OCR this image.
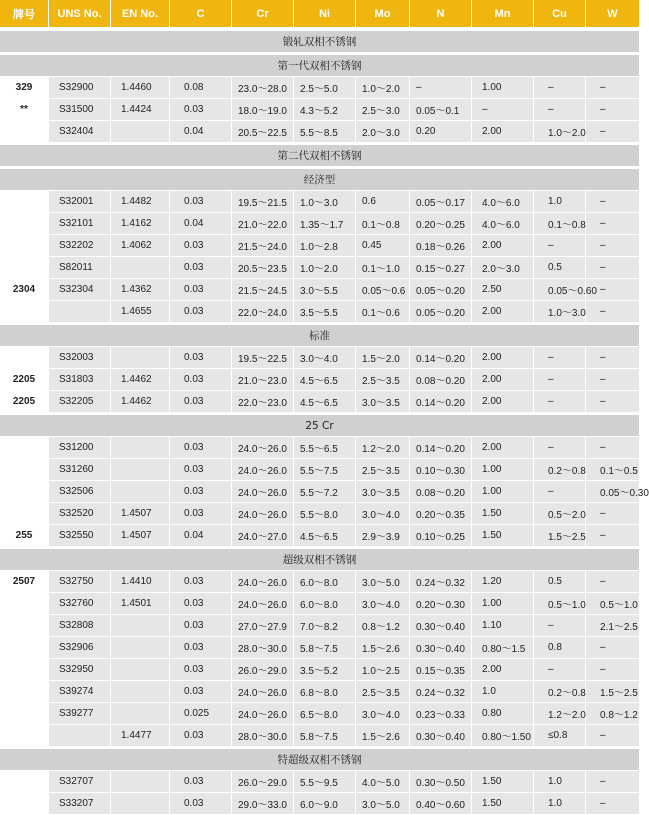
牌号	UNS No.	EN No.	C	Cr	Ni	Mo	N	Mn	Cu	W
锻轧双相不锈钢										
第一代双相不锈钢										
329	S32900	1.4460	0.08	23.0～28.0	2.5～5.0	1.0～2.0	–	1.00	–	–
**	S31500	1.4424	0.03	18.0～19.0	4.3～5.2	2.5～3.0	0.05～0.1	–	–	–
	S32404		0.04	20.5～22.5	5.5～8.5	2.0～3.0	0.20	2.00	1.0～2.0	–
第二代双相不锈钢										
经济型										
	S32001	1.4482	0.03	19.5～21.5	1.0～3.0	0.6	0.05～0.17	4.0～6.0	1.0	–
	S32101	1.4162	0.04	21.0～22.0	1.35～1.7	0.1～0.8	0.20～0.25	4.0～6.0	0.1～0.8	–
	S32202	1.4062	0.03	21.5～24.0	1.0～2.8	0.45	0.18～0.26	2.00	–	–
	S82011		0.03	20.5～23.5	1.0～2.0	0.1～1.0	0.15～0.27	2.0～3.0	0.5	–
2304	S32304	1.4362	0.03	21.5～24.5	3.0～5.5	0.05～0.6	0.05～0.20	2.50	0.05～0.60	–
		1.4655	0.03	22.0～24.0	3.5～5.5	0.1～0.6	0.05～0.20	2.00	1.0～3.0	–
标准										
	S32003		0.03	19.5～22.5	3.0～4.0	1.5～2.0	0.14～0.20	2.00	–	–
2205	S31803	1.4462	0.03	21.0～23.0	4.5～6.5	2.5～3.5	0.08～0.20	2.00	–	–
2205	S32205	1.4462	0.03	22.0～23.0	4.5～6.5	3.0～3.5	0.14～0.20	2.00	–	–
25 Cr										
	S31200		0.03	24.0～26.0	5.5～6.5	1.2～2.0	0.14～0.20	2.00	–	–
	S31260		0.03	24.0～26.0	5.5～7.5	2.5～3.5	0.10～0.30	1.00	0.2～0.8	0.1～0.5
	S32506		0.03	24.0～26.0	5.5～7.2	3.0～3.5	0.08～0.20	1.00	–	0.05～0.30
	S32520	1.4507	0.03	24.0～26.0	5.5～8.0	3.0～4.0	0.20～0.35	1.50	0.5～2.0	–
255	S32550	1.4507	0.04	24.0～27.0	4.5～6.5	2.9～3.9	0.10～0.25	1.50	1.5～2.5	–
超级双相不锈钢										
2507	S32750	1.4410	0.03	24.0～26.0	6.0～8.0	3.0～5.0	0.24～0.32	1.20	0.5	–
	S32760	1.4501	0.03	24.0～26.0	6.0～8.0	3.0～4.0	0.20～0.30	1.00	0.5～1.0	0.5～1.0
	S32808		0.03	27.0～27.9	7.0～8.2	0.8～1.2	0.30～0.40	1.10	–	2.1～2.5
	S32906		0.03	28.0～30.0	5.8～7.5	1.5～2.6	0.30～0.40	0.80～1.5	0.8	–
	S32950		0.03	26.0～29.0	3.5～5.2	1.0～2.5	0.15～0.35	2.00	–	–
	S39274		0.03	24.0～26.0	6.8～8.0	2.5～3.5	0.24～0.32	1.0	0.2～0.8	1.5～2.5
	S39277		0.025	24.0～26.0	6.5～8.0	3.0～4.0	0.23～0.33	0.80	1.2～2.0	0.8～1.2
		1.4477	0.03	28.0～30.0	5.8～7.5	1.5～2.6	0.30～0.40	0.80～1.50	≤0.8	–
特超级双相不锈钢										
	S32707		0.03	26.0～29.0	5.5～9.5	4.0～5.0	0.30～0.50	1.50	1.0	–
	S33207		0.03	29.0～33.0	6.0～9.0	3.0～5.0	0.40～0.60	1.50	1.0	–
